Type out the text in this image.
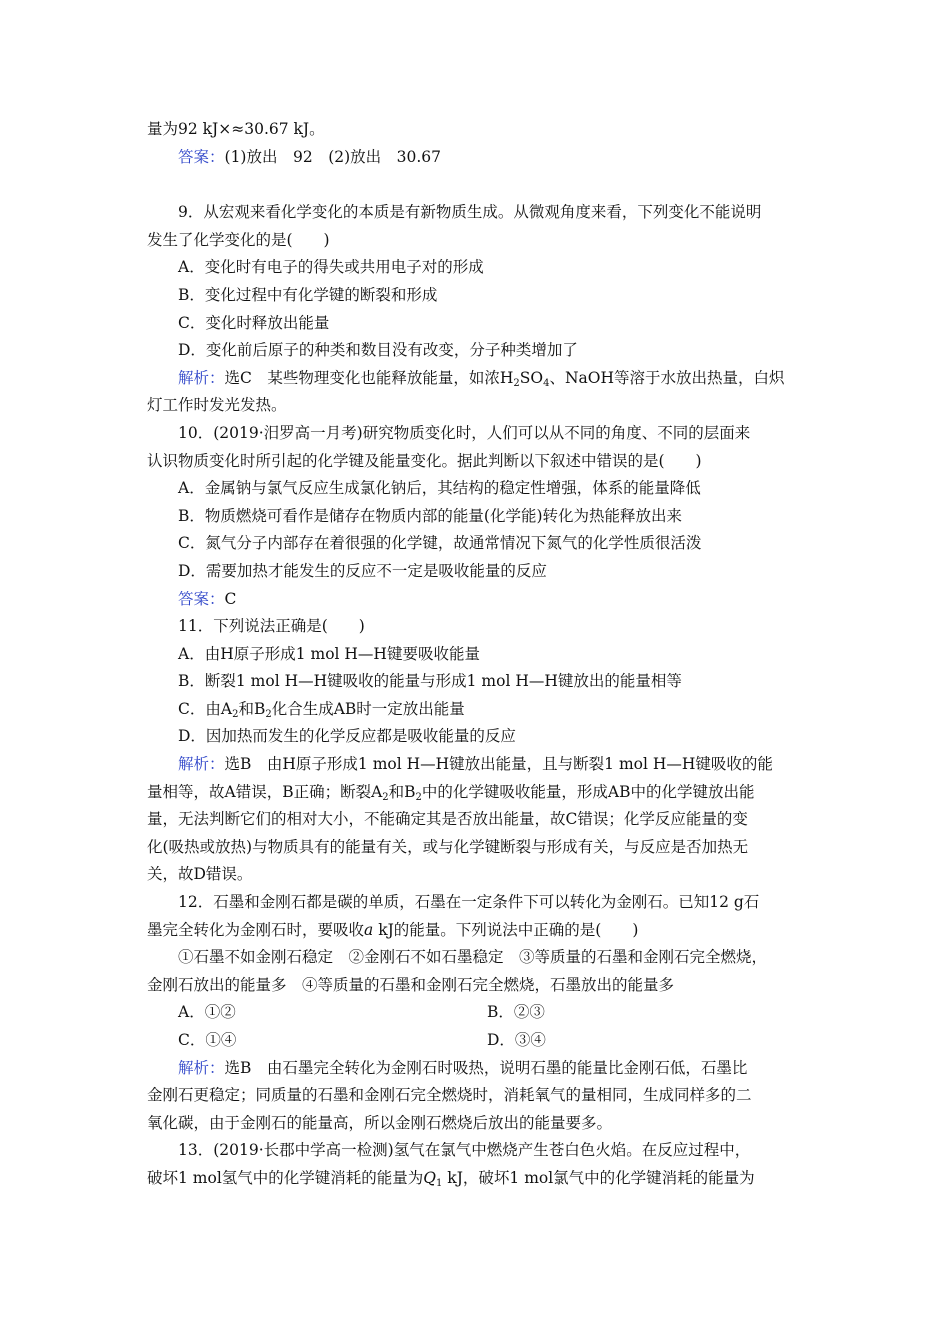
量为92 kJ×≈30.67 kJ。
答案：(1)放出　92　(2)放出　30.67
9．从宏观来看化学变化的本质是有新物质生成。从微观角度来看，下列变化不能说明
发生了化学变化的是(　　)
A．变化时有电子的得失或共用电子对的形成
B．变化过程中有化学键的断裂和形成
C．变化时释放出能量
D．变化前后原子的种类和数目没有改变，分子种类增加了
解析：选C　某些物理变化也能释放能量，如浓$H_2SO_4$、NaOH等溶于水放出热量，白炽
灯工作时发光发热。
10．(2019·汨罗高一月考)研究物质变化时，人们可以从不同的角度、不同的层面来
认识物质变化时所引起的化学键及能量变化。据此判断以下叙述中错误的是(　　)
A．金属钠与氯气反应生成氯化钠后，其结构的稳定性增强，体系的能量降低
B．物质燃烧可看作是储存在物质内部的能量(化学能)转化为热能释放出来
C．氮气分子内部存在着很强的化学键，故通常情况下氮气的化学性质很活泼
D．需要加热才能发生的反应不一定是吸收能量的反应
答案：C
11．下列说法正确是(　　)
A．由H原子形成1 mol H—H键要吸收能量
B．断裂1 mol H—H键吸收的能量与形成1 mol H—H键放出的能量相等
C．由$A_2$和$B_2$化合生成AB时一定放出能量
D．因加热而发生的化学反应都是吸收能量的反应
解析：选B　由H原子形成1 mol H—H键放出能量，且与断裂1 mol H—H键吸收的能
量相等，故A错误，B正确；断裂$A_2$和$B_2$中的化学键吸收能量，形成AB中的化学键放出能
量，无法判断它们的相对大小，不能确定其是否放出能量，故C错误；化学反应能量的变
化(吸热或放热)与物质具有的能量有关，或与化学键断裂与形成有关，与反应是否加热无
关，故D错误。
12．石墨和金刚石都是碳的单质，石墨在一定条件下可以转化为金刚石。已知12 g石
墨完全转化为金刚石时，要吸收a kJ的能量。下列说法中正确的是(　　)
①石墨不如金刚石稳定　②金刚石不如石墨稳定　③等质量的石墨和金刚石完全燃烧，
金刚石放出的能量多　④等质量的石墨和金刚石完全燃烧，石墨放出的能量多
A．①②	B．②③
C．①④	D．③④
解析：选B　由石墨完全转化为金刚石时吸热，说明石墨的能量比金刚石低，石墨比
金刚石更稳定；同质量的石墨和金刚石完全燃烧时，消耗氧气的量相同，生成同样多的二
氧化碳，由于金刚石的能量高，所以金刚石燃烧后放出的能量要多。
13．(2019·长郡中学高一检测)氢气在氯气中燃烧产生苍白色火焰。在反应过程中，
破坏1 mol氢气中的化学键消耗的能量为$Q_1$ kJ，破坏1 mol氯气中的化学键消耗的能量为
